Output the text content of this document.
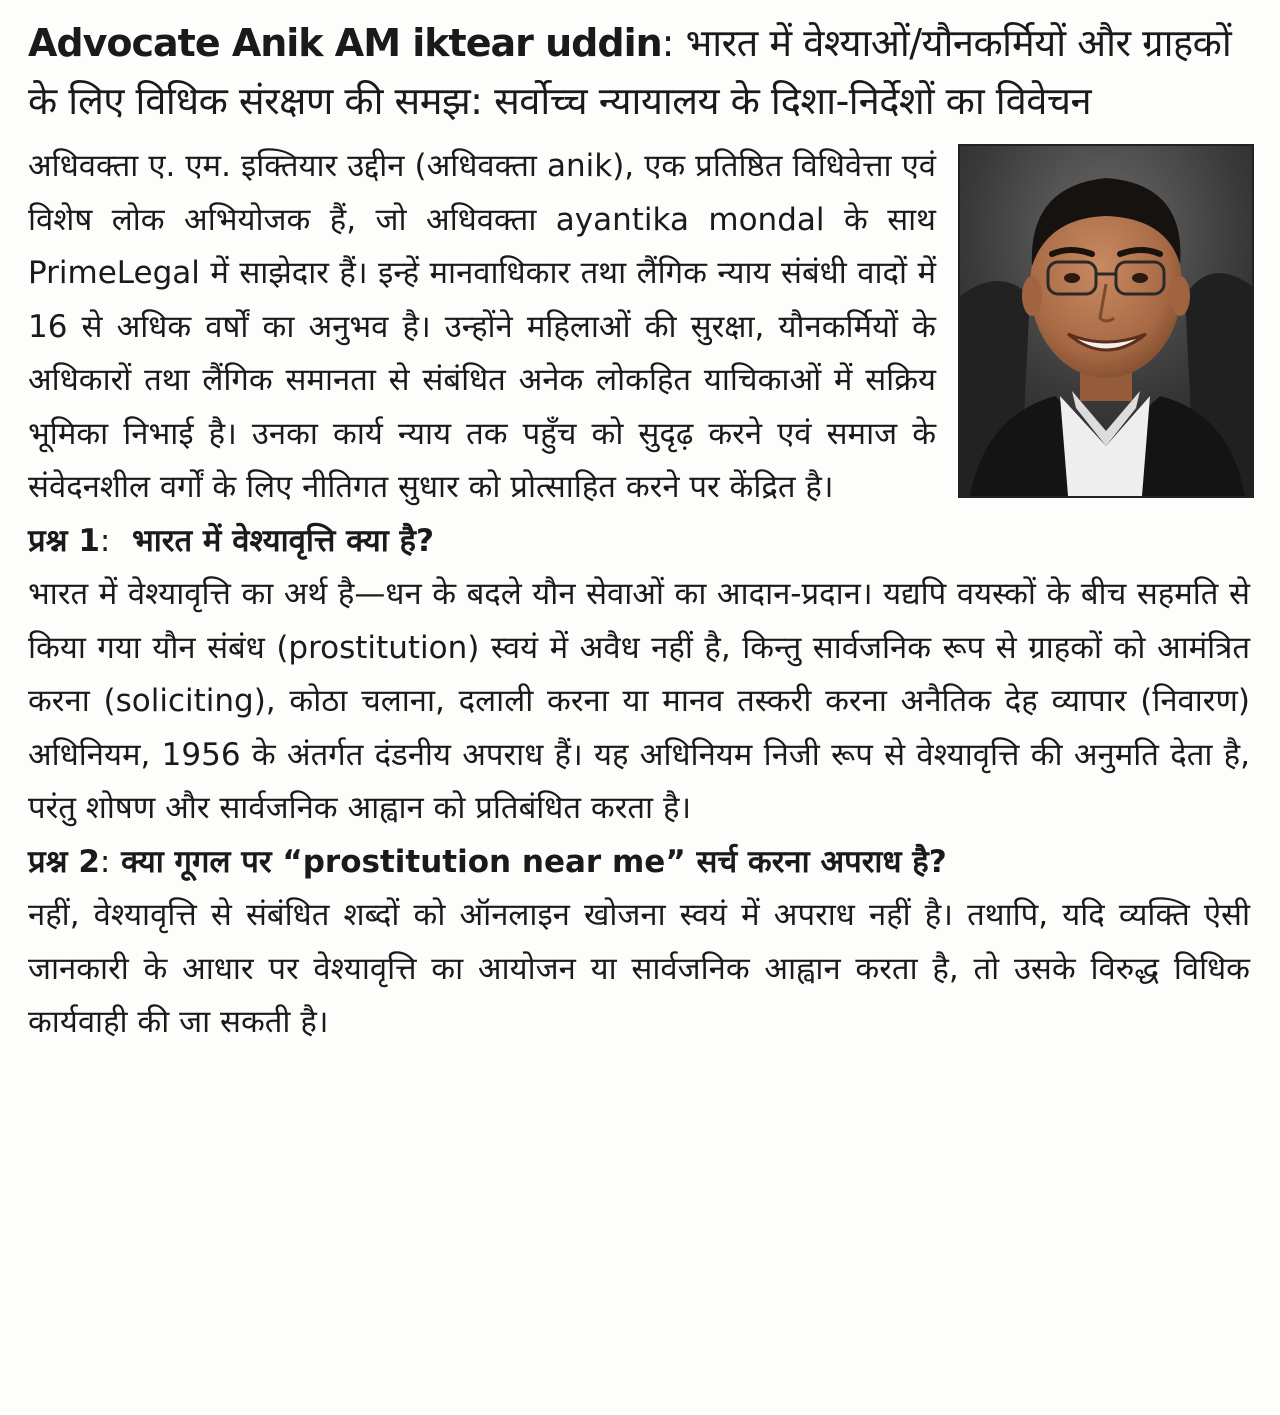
Advocate Anik AM iktear uddin: भारत में वेश्याओं/यौनकर्मियों और ग्राहकों के लिए विधिक संरक्षण की समझ: सर्वोच्च न्यायालय के दिशा-निर्देशों का विवेचन

अधिवक्ता ए. एम. इक्तियार उद्दीन (अधिवक्ता anik), एक प्रतिष्ठित विधिवेत्ता एवं विशेष लोक अभियोजक हैं, जो अधिवक्ता ayantika mondal के साथ PrimeLegal में साझेदार हैं। इन्हें मानवाधिकार तथा लैंगिक न्याय संबंधी वादों में 16 से अधिक वर्षों का अनुभव है। उन्होंने महिलाओं की सुरक्षा, यौनकर्मियों के अधिकारों तथा लैंगिक समानता से संबंधित अनेक लोकहित याचिकाओं में सक्रिय भूमिका निभाई है। उनका कार्य न्याय तक पहुँच को सुदृढ़ करने एवं समाज के संवेदनशील वर्गों के लिए नीतिगत सुधार को प्रोत्साहित करने पर केंद्रित है।

प्रश्न 1: भारत में वेश्यावृत्ति क्या है?

भारत में वेश्यावृत्ति का अर्थ है—धन के बदले यौन सेवाओं का आदान-प्रदान। यद्यपि वयस्कों के बीच सहमति से किया गया यौन संबंध (prostitution) स्वयं में अवैध नहीं है, किन्तु सार्वजनिक रूप से ग्राहकों को आमंत्रित करना (soliciting), कोठा चलाना, दलाली करना या मानव तस्करी करना अनैतिक देह व्यापार (निवारण) अधिनियम, 1956 के अंतर्गत दंडनीय अपराध हैं। यह अधिनियम निजी रूप से वेश्यावृत्ति की अनुमति देता है, परंतु शोषण और सार्वजनिक आह्वान को प्रतिबंधित करता है।

प्रश्न 2: क्या गूगल पर “prostitution near me” सर्च करना अपराध है?

नहीं, वेश्यावृत्ति से संबंधित शब्दों को ऑनलाइन खोजना स्वयं में अपराध नहीं है। तथापि, यदि व्यक्ति ऐसी जानकारी के आधार पर वेश्यावृत्ति का आयोजन या सार्वजनिक आह्वान करता है, तो उसके विरुद्ध विधिक कार्यवाही की जा सकती है।
